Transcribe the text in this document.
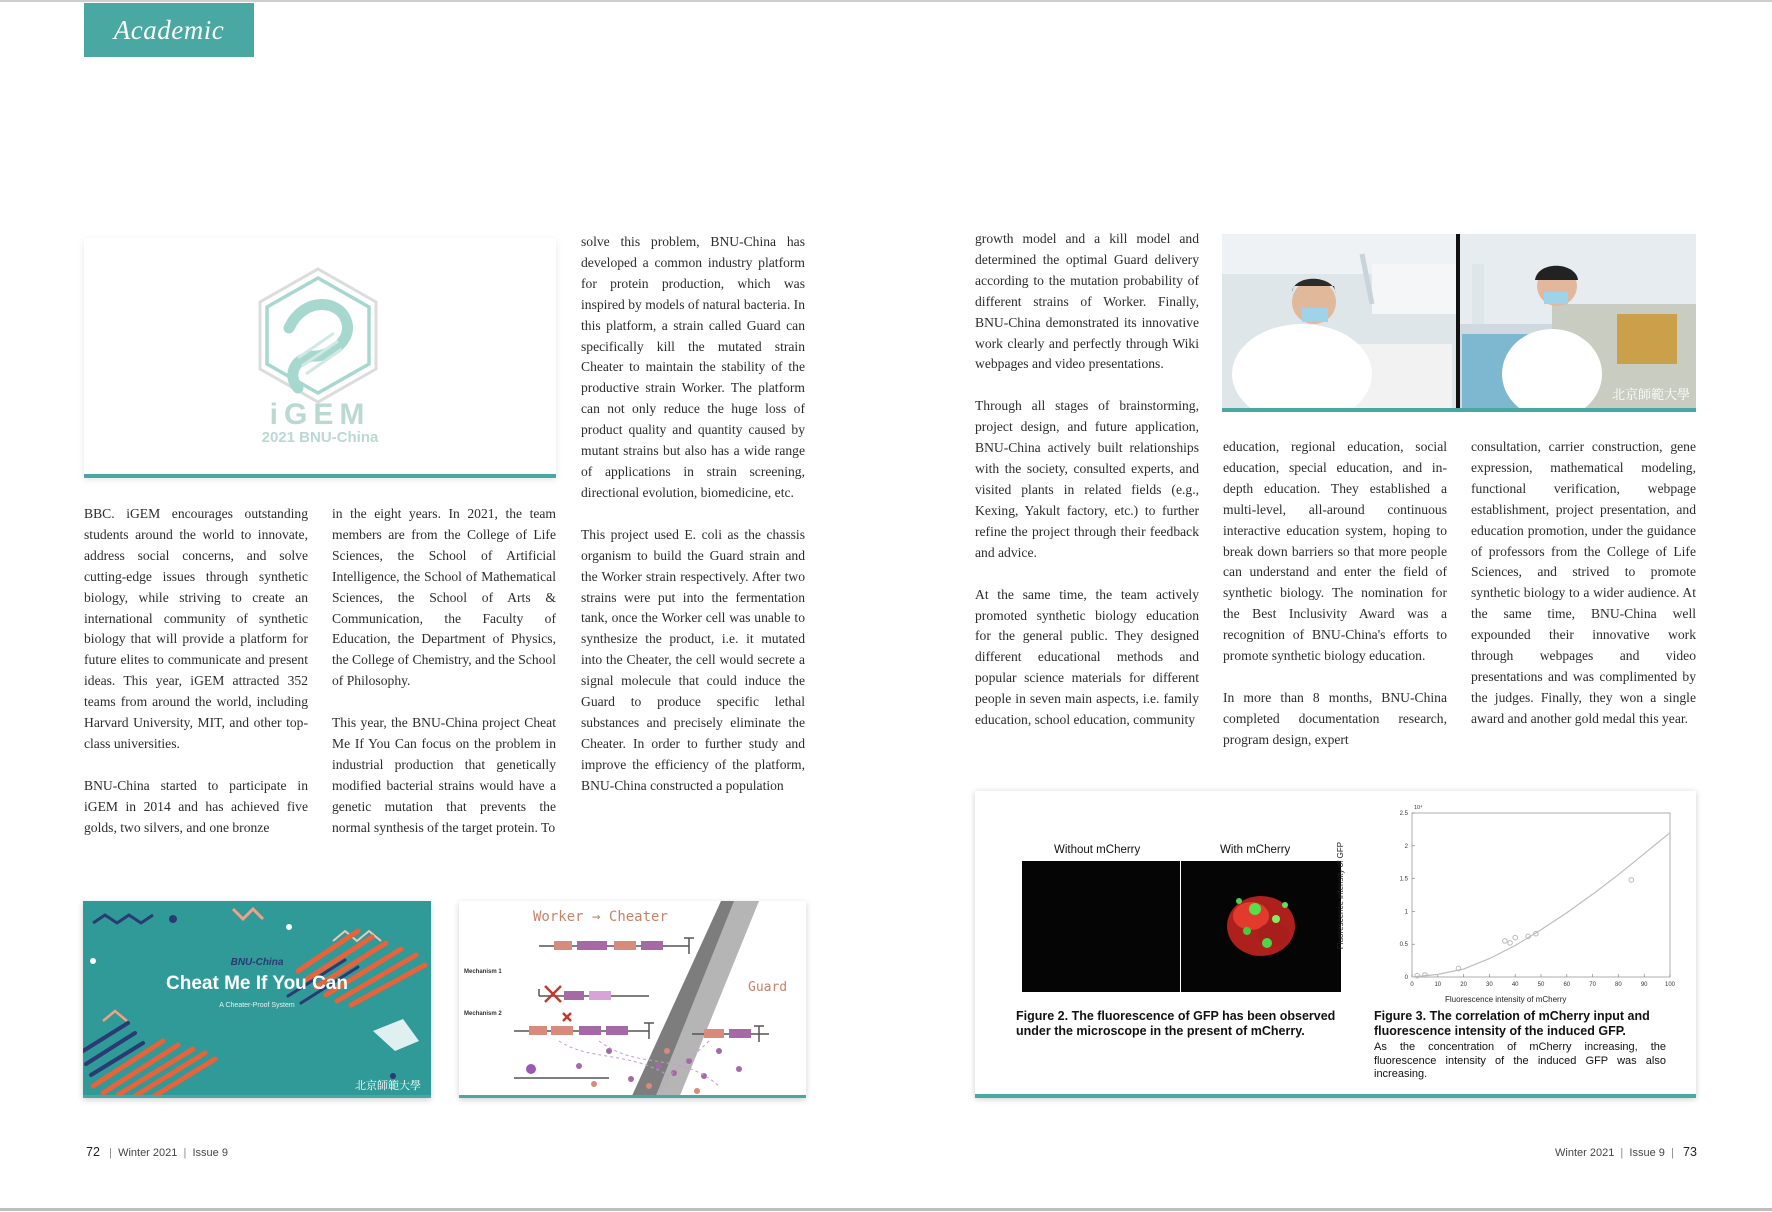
Academic
iGEM
2021 BNU-China

BBC. iGEM encourages outstanding students around the world to innovate, address social concerns, and solve cutting-edge issues through synthetic biology, while striving to create an international community of synthetic biology that will provide a platform for future elites to communicate and present ideas. This year, iGEM attracted 352 teams from around the world, including Harvard University, MIT, and other top-class universities.

BNU-China started to participate in iGEM in 2014 and has achieved five golds, two silvers, and one bronze

in the eight years. In 2021, the team members are from the College of Life Sciences, the School of Artificial Intelligence, the School of Mathematical Sciences, the School of Arts & Communication, the Faculty of Education, the Department of Physics, the College of Chemistry, and the School of Philosophy.

This year, the BNU-China project Cheat Me If You Can focus on the problem in industrial production that genetically modified bacterial strains would have a genetic mutation that prevents the normal synthesis of the target protein. To

solve this problem, BNU-China has developed a common industry platform for protein production, which was inspired by models of natural bacteria. In this platform, a strain called Guard can specifically kill the mutated strain Cheater to maintain the stability of the productive strain Worker. The platform can not only reduce the huge loss of product quality and quantity caused by mutant strains but also has a wide range of applications in strain screening, directional evolution, biomedicine, etc.

This project used E. coli as the chassis organism to build the Guard strain and the Worker strain respectively. After two strains were put into the fermentation tank, once the Worker cell was unable to synthesize the product, i.e. it mutated into the Cheater, the cell would secrete a signal molecule that could induce the Guard to produce specific lethal substances and precisely eliminate the Cheater. In order to further study and improve the efficiency of the platform, BNU-China constructed a population

BNU-China
Cheat Me If You Can
A Cheater-Proof System
北京師範大學
Worker → Cheater
Guard
Mechanism 1
Mechanism 2
72   |  Winter 2021  |  Issue 9

growth model and a kill model and determined the optimal Guard delivery according to the mutation probability of different strains of Worker. Finally, BNU-China demonstrated its innovative work clearly and perfectly through Wiki webpages and video presentations.

Through all stages of brainstorming, project design, and future application, BNU-China actively built relationships with the society, consulted experts, and visited plants in related fields (e.g., Kexing, Yakult factory, etc.) to further refine the project through their feedback and advice.

At the same time, the team actively promoted synthetic biology education for the general public. They designed different educational methods and popular science materials for different people in seven main aspects, i.e. family education, school education, community

北京師範大學

education, regional education, social education, special education, and in-depth education. They established a multi-level, all-around continuous interactive education system, hoping to break down barriers so that more people can understand and enter the field of synthetic biology. The nomination for the Best Inclusivity Award was a recognition of BNU-China's efforts to promote synthetic biology education.

In more than 8 months, BNU-China completed documentation research, program design, expert

consultation, carrier construction, gene expression, mathematical modeling, functional verification, webpage establishment, project presentation, and education promotion, under the guidance of professors from the College of Life Sciences, and strived to promote synthetic biology to a wider audience. At the same time, BNU-China well expounded their innovative work through webpages and video presentations and was complimented by the judges. Finally, they won a single award and another gold medal this year.

Without mCherry	With mCherry
Figure 2. The fluorescence of GFP has been observed under the microscope in the present of mCherry.
0	10	20	30	40	50	60	70	80	90	100
0
0.5
1
1.5
2
2.5
10⁴
Fluorescence intensity of mCherry
Fluorescence intensity of GFP
Figure 3. The correlation of mCherry input and fluorescence intensity of the induced GFP.
As the concentration of mCherry increasing, the fluorescence intensity of the induced GFP was also increasing.
Winter 2021  |  Issue 9  |   73
